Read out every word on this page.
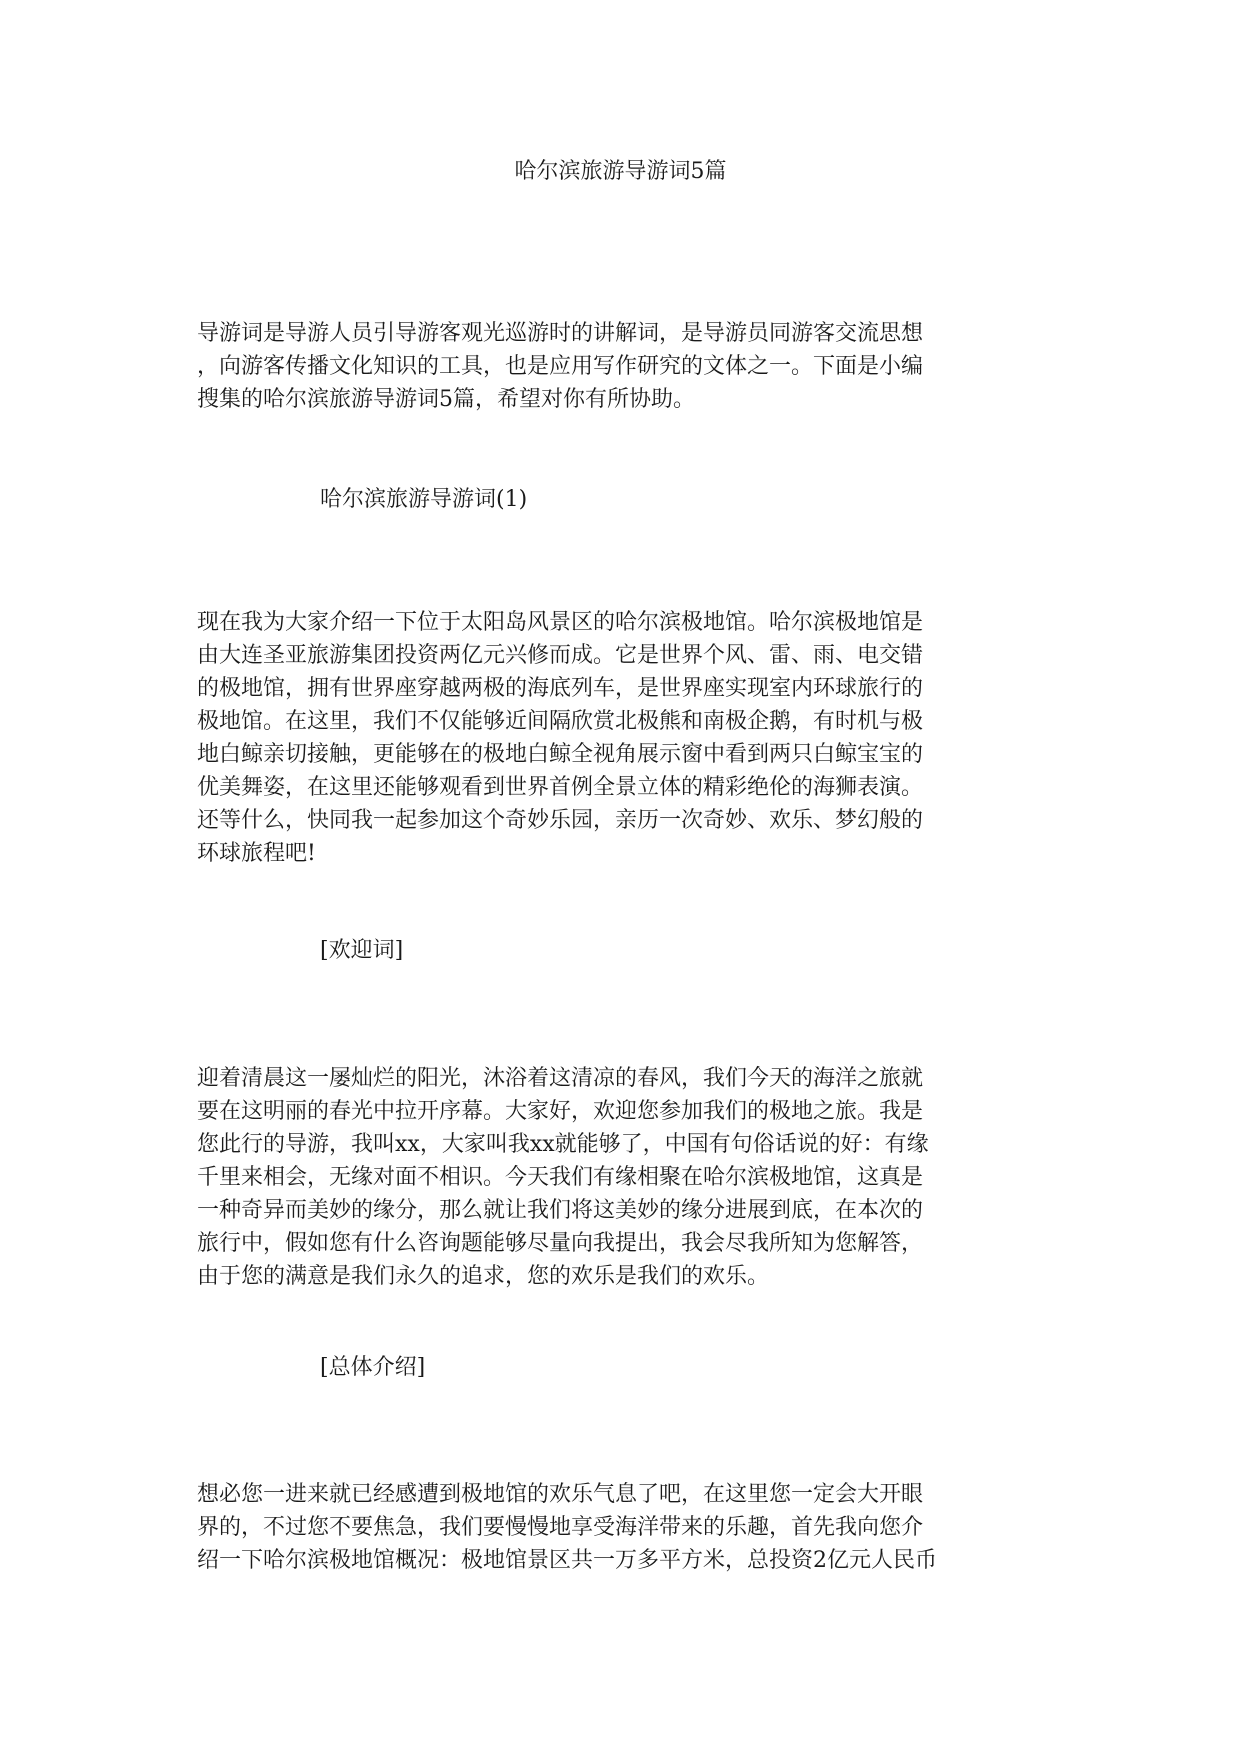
哈尔滨旅游导游词5篇
导游词是导游人员引导游客观光巡游时的讲解词，是导游员同游客交流思想
，向游客传播文化知识的工具，也是应用写作研究的文体之一。下面是小编
搜集的哈尔滨旅游导游词5篇，希望对你有所协助。
哈尔滨旅游导游词(1)
现在我为大家介绍一下位于太阳岛风景区的哈尔滨极地馆。哈尔滨极地馆是
由大连圣亚旅游集团投资两亿元兴修而成。它是世界个风、雷、雨、电交错
的极地馆，拥有世界座穿越两极的海底列车，是世界座实现室内环球旅行的
极地馆。在这里，我们不仅能够近间隔欣赏北极熊和南极企鹅，有时机与极
地白鲸亲切接触，更能够在的极地白鲸全视角展示窗中看到两只白鲸宝宝的
优美舞姿，在这里还能够观看到世界首例全景立体的精彩绝伦的海狮表演。
还等什么，快同我一起参加这个奇妙乐园，亲历一次奇妙、欢乐、梦幻般的
环球旅程吧!
[欢迎词]
迎着清晨这一屡灿烂的阳光，沐浴着这清凉的春风，我们今天的海洋之旅就
要在这明丽的春光中拉开序幕。大家好，欢迎您参加我们的极地之旅。我是
您此行的导游，我叫xx，大家叫我xx就能够了，中国有句俗话说的好：有缘
千里来相会，无缘对面不相识。今天我们有缘相聚在哈尔滨极地馆，这真是
一种奇异而美妙的缘分，那么就让我们将这美妙的缘分进展到底，在本次的
旅行中，假如您有什么咨询题能够尽量向我提出，我会尽我所知为您解答，
由于您的满意是我们永久的追求，您的欢乐是我们的欢乐。
[总体介绍]
想必您一进来就已经感遭到极地馆的欢乐气息了吧，在这里您一定会大开眼
界的，不过您不要焦急，我们要慢慢地享受海洋带来的乐趣，首先我向您介
绍一下哈尔滨极地馆概况：极地馆景区共一万多平方米，总投资2亿元人民币
